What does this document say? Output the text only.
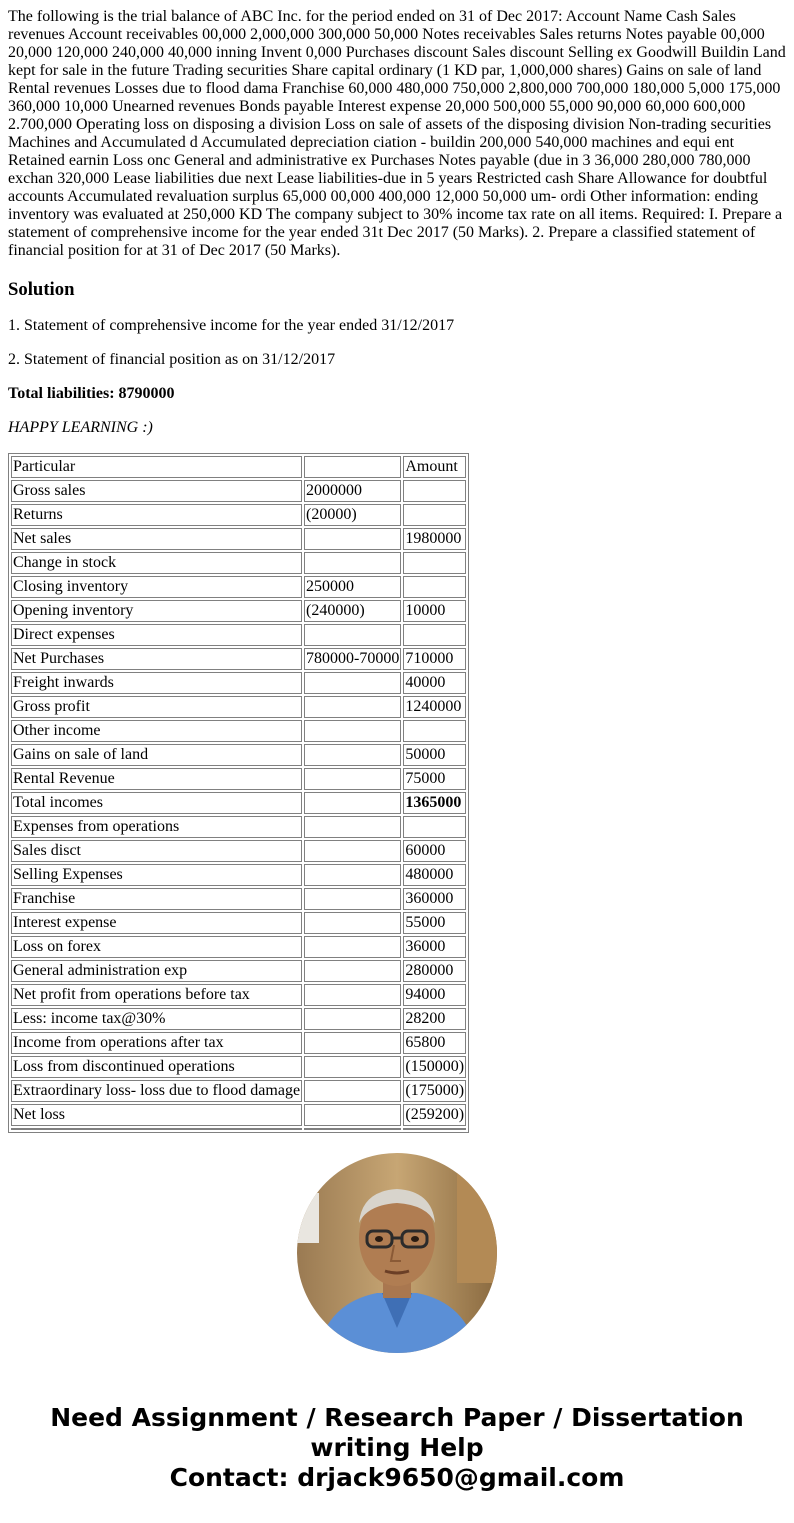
The following is the trial balance of ABC Inc. for the period ended on 31 of Dec 2017: Account Name Cash Sales revenues Account receivables 00,000 2,000,000 300,000 50,000 Notes receivables Sales returns Notes payable 00,000 20,000 120,000 240,000 40,000 inning Invent 0,000 Purchases discount Sales discount Selling ex Goodwill Buildin Land kept for sale in the future Trading securities Share capital ordinary (1 KD par, 1,000,000 shares) Gains on sale of land Rental revenues Losses due to flood dama Franchise 60,000 480,000 750,000 2,800,000 700,000 180,000 5,000 175,000 360,000 10,000 Unearned revenues Bonds payable Interest expense 20,000 500,000 55,000 90,000 60,000 600,000 2.700,000 Operating loss on disposing a division Loss on sale of assets of the disposing division Non-trading securities Machines and Accumulated d Accumulated depreciation ciation - buildin 200,000 540,000 machines and equi ent Retained earnin Loss onc General and administrative ex Purchases Notes payable (due in 3 36,000 280,000 780,000 exchan 320,000 Lease liabilities due next Lease liabilities-due in 5 years Restricted cash Share Allowance for doubtful accounts Accumulated revaluation surplus 65,000 00,000 400,000 12,000 50,000 um- ordi Other information: ending inventory was evaluated at 250,000 KD The company subject to 30% income tax rate on all items. Required: I. Prepare a statement of comprehensive income for the year ended 31t Dec 2017 (50 Marks). 2. Prepare a classified statement of financial position for at 31 of Dec 2017 (50 Marks).

Solution

1. Statement of comprehensive income for the year ended 31/12/2017

2. Statement of financial position as on 31/12/2017

Total liabilities: 8790000

HAPPY LEARNING :)

Particular		Amount
Gross sales	2000000	
Returns	(20000)	
Net sales		1980000
Change in stock		
Closing inventory	250000	
Opening inventory	(240000)	10000
Direct expenses		
Net Purchases	780000-70000	710000
Freight inwards		40000
Gross profit		1240000
Other income		
Gains on sale of land		50000
Rental Revenue		75000
Total incomes		1365000
Expenses from operations		
Sales disct		60000
Selling Expenses		480000
Franchise		360000
Interest expense		55000
Loss on forex		36000
General administration exp		280000
Net profit from operations before tax		94000
Less: income tax@30%		28200
Income from operations after tax		65800
Loss from discontinued operations		(150000)
Extraordinary loss- loss due to flood damage		(175000)
Net loss		(259200)

Need Assignment / Research Paper / Dissertation
writing Help
Contact: drjack9650@gmail.com
